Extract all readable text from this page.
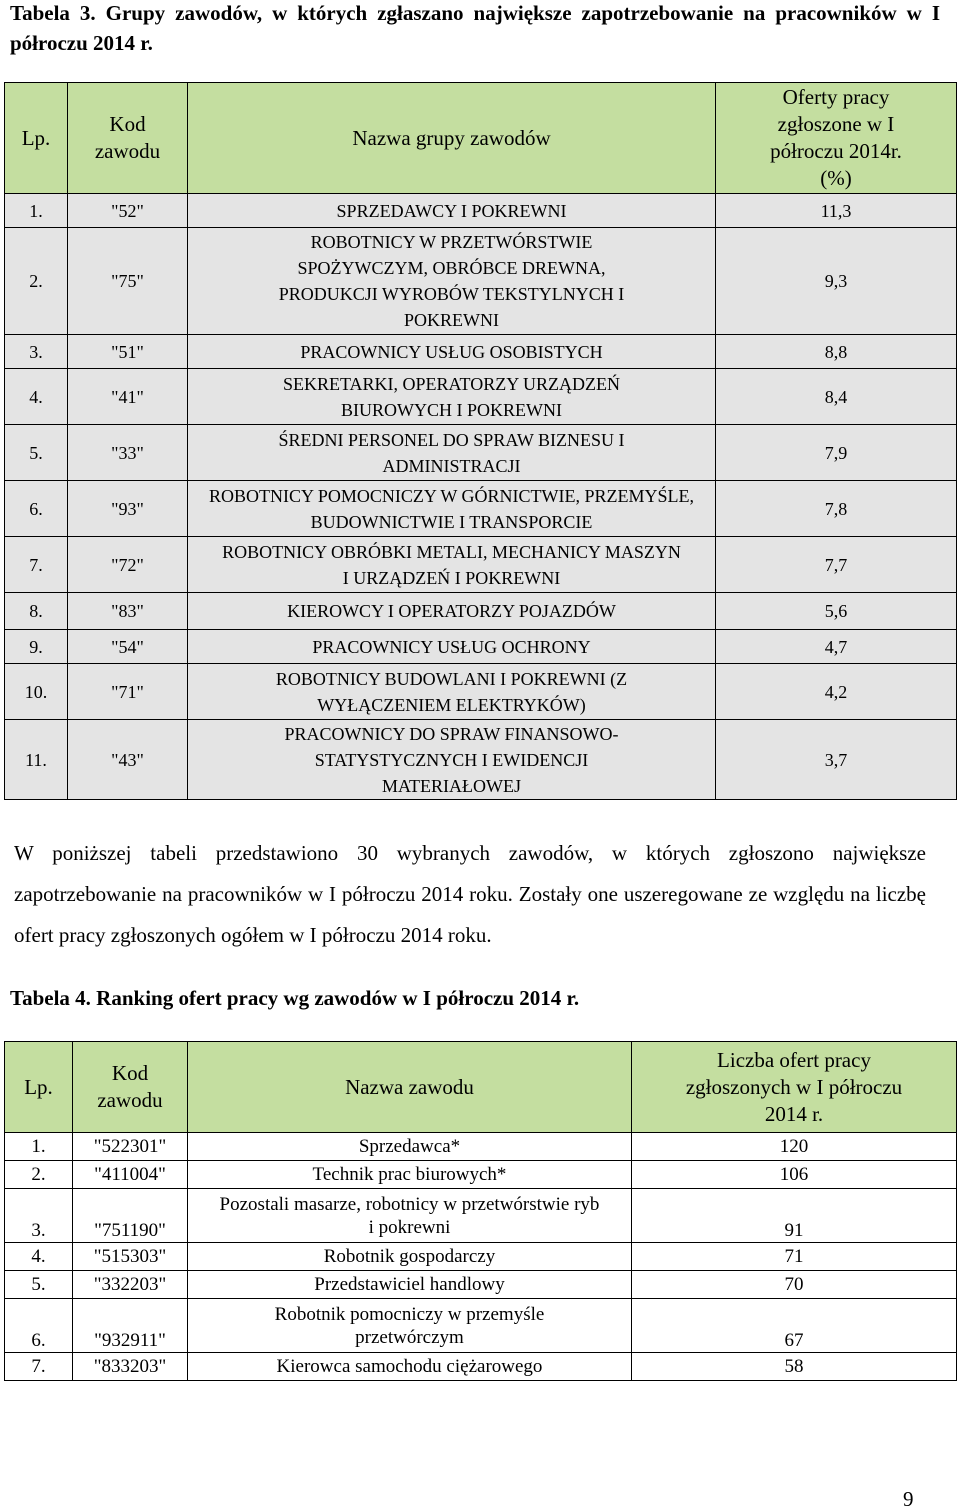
Tabela 3. Grupy zawodów, w których zgłaszano największe zapotrzebowanie na pracowników w I półroczu 2014 r.
Lp.	Kod zawodu	Nazwa grupy zawodów	Oferty pracy zgłoszone w I półroczu 2014r.(%)
1.	"52"	SPRZEDAWCY I POKREWNI	11,3
2.	"75"	ROBOTNICY W PRZETWÓRSTWIE SPOŻYWCZYM, OBRÓBCE DREWNA, PRODUKCJI WYROBÓW TEKSTYLNYCH I POKREWNI	9,3
3.	"51"	PRACOWNICY USŁUG OSOBISTYCH	8,8
4.	"41"	SEKRETARKI, OPERATORZY URZĄDZEŃ BIUROWYCH I POKREWNI	8,4
5.	"33"	ŚREDNI PERSONEL DO SPRAW BIZNESU I ADMINISTRACJI	7,9
6.	"93"	ROBOTNICY POMOCNICZY W GÓRNICTWIE, PRZEMYŚLE, BUDOWNICTWIE I TRANSPORCIE	7,8
7.	"72"	ROBOTNICY OBRÓBKI METALI, MECHANICY MASZYN I URZĄDZEŃ I POKREWNI	7,7
8.	"83"	KIEROWCY I OPERATORZY POJAZDÓW	5,6
9.	"54"	PRACOWNICY USŁUG OCHRONY	4,7
10.	"71"	ROBOTNICY BUDOWLANI I POKREWNI (Z WYŁĄCZENIEM ELEKTRYKÓW)	4,2
11.	"43"	PRACOWNICY DO SPRAW FINANSOWO-STATYSTYCZNYCH I EWIDENCJI MATERIAŁOWEJ	3,7
W poniższej tabeli przedstawiono 30 wybranych zawodów, w których zgłoszono największe zapotrzebowanie na pracowników w I półroczu 2014 roku. Zostały one uszeregowane ze względu na liczbę ofert pracy zgłoszonych ogółem w I półroczu 2014 roku.
Tabela 4. Ranking ofert pracy wg zawodów w I półroczu 2014 r.
Lp.	Kod zawodu	Nazwa zawodu	Liczba ofert pracy zgłoszonych w I półroczu 2014 r.
1.	"522301"	Sprzedawca*	120
2.	"411004"	Technik prac biurowych*	106
3.	"751190"	Pozostali masarze, robotnicy w przetwórstwie ryb i pokrewni	91
4.	"515303"	Robotnik gospodarczy	71
5.	"332203"	Przedstawiciel handlowy	70
6.	"932911"	Robotnik pomocniczy w przemyśle przetwórczym	67
7.	"833203"	Kierowca samochodu ciężarowego	58
9
